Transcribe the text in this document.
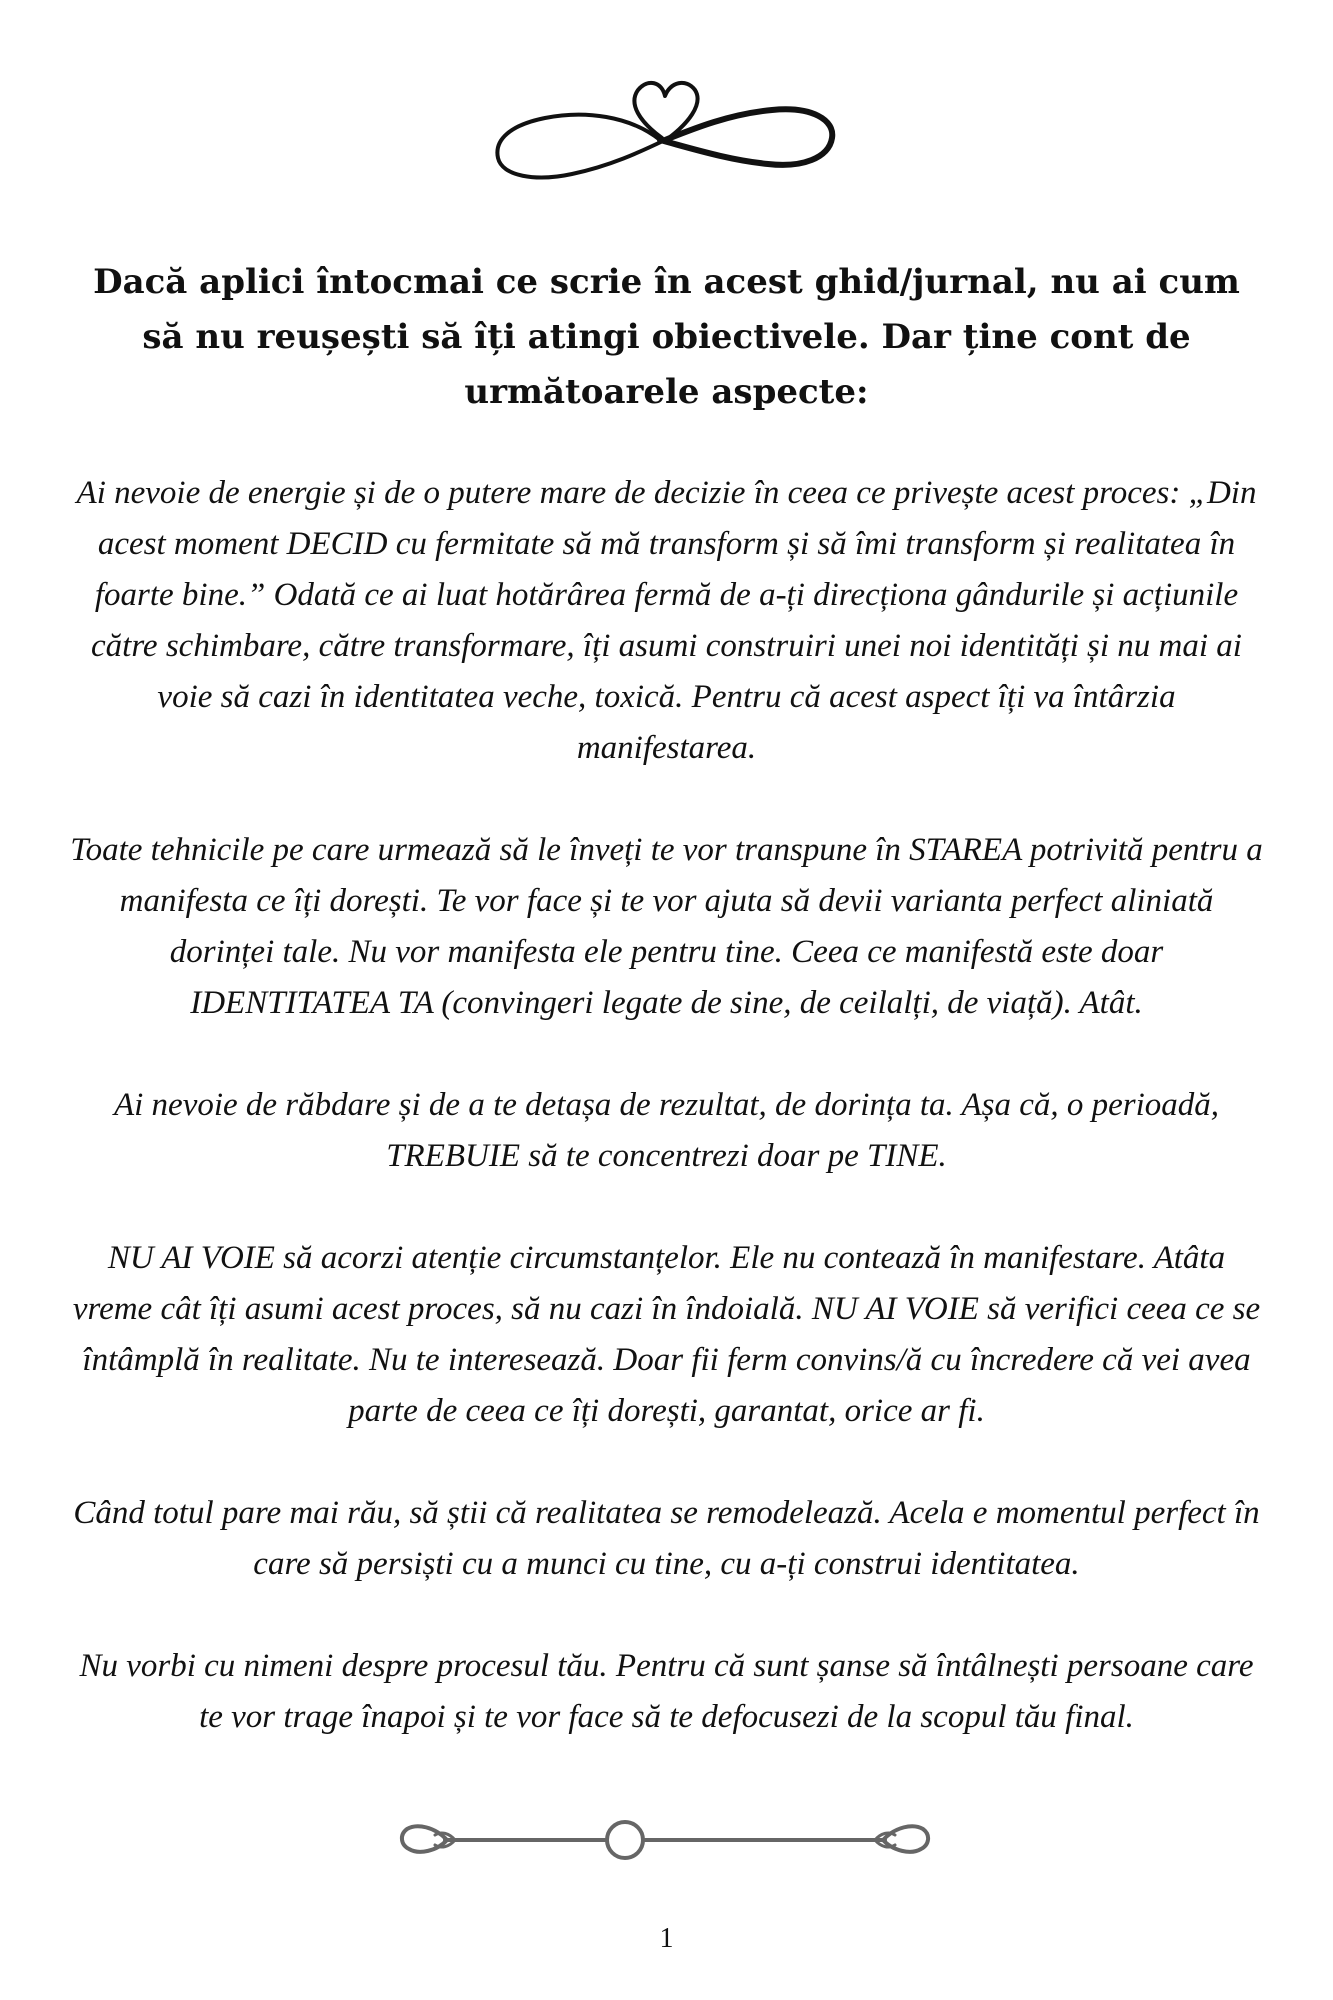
Dacă aplici întocmai ce scrie în acest ghid/jurnal, nu ai cum să nu reușești să îți atingi obiectivele. Dar ține cont de următoarele aspecte:

Ai nevoie de energie și de o putere mare de decizie în ceea ce privește acest proces: „Din acest moment DECID cu fermitate să mă transform și să îmi transform și realitatea în foarte bine.” Odată ce ai luat hotărârea fermă de a-ți direcționa gândurile și acțiunile către schimbare, către transformare, îți asumi construiri unei noi identități și nu mai ai voie să cazi în identitatea veche, toxică. Pentru că acest aspect îți va întârzia manifestarea.

Toate tehnicile pe care urmează să le înveți te vor transpune în STAREA potrivită pentru a manifesta ce îți dorești. Te vor face și te vor ajuta să devii varianta perfect aliniată dorinței tale. Nu vor manifesta ele pentru tine. Ceea ce manifestă este doar IDENTITATEA TA (convingeri legate de sine, de ceilalți, de viață). Atât.

Ai nevoie de răbdare și de a te detașa de rezultat, de dorința ta. Așa că, o perioadă, TREBUIE să te concentrezi doar pe TINE.

NU AI VOIE să acorzi atenție circumstanțelor. Ele nu contează în manifestare. Atâta vreme cât îți asumi acest proces, să nu cazi în îndoială. NU AI VOIE să verifici ceea ce se întâmplă în realitate. Nu te interesează. Doar fii ferm convins/ă cu încredere că vei avea parte de ceea ce îți dorești, garantat, orice ar fi.

Când totul pare mai rău, să știi că realitatea se remodelează. Acela e momentul perfect în care să persiști cu a munci cu tine, cu a-ți construi identitatea.

Nu vorbi cu nimeni despre procesul tău. Pentru că sunt șanse să întâlnești persoane care te vor trage înapoi și te vor face să te defocusezi de la scopul tău final.

1
